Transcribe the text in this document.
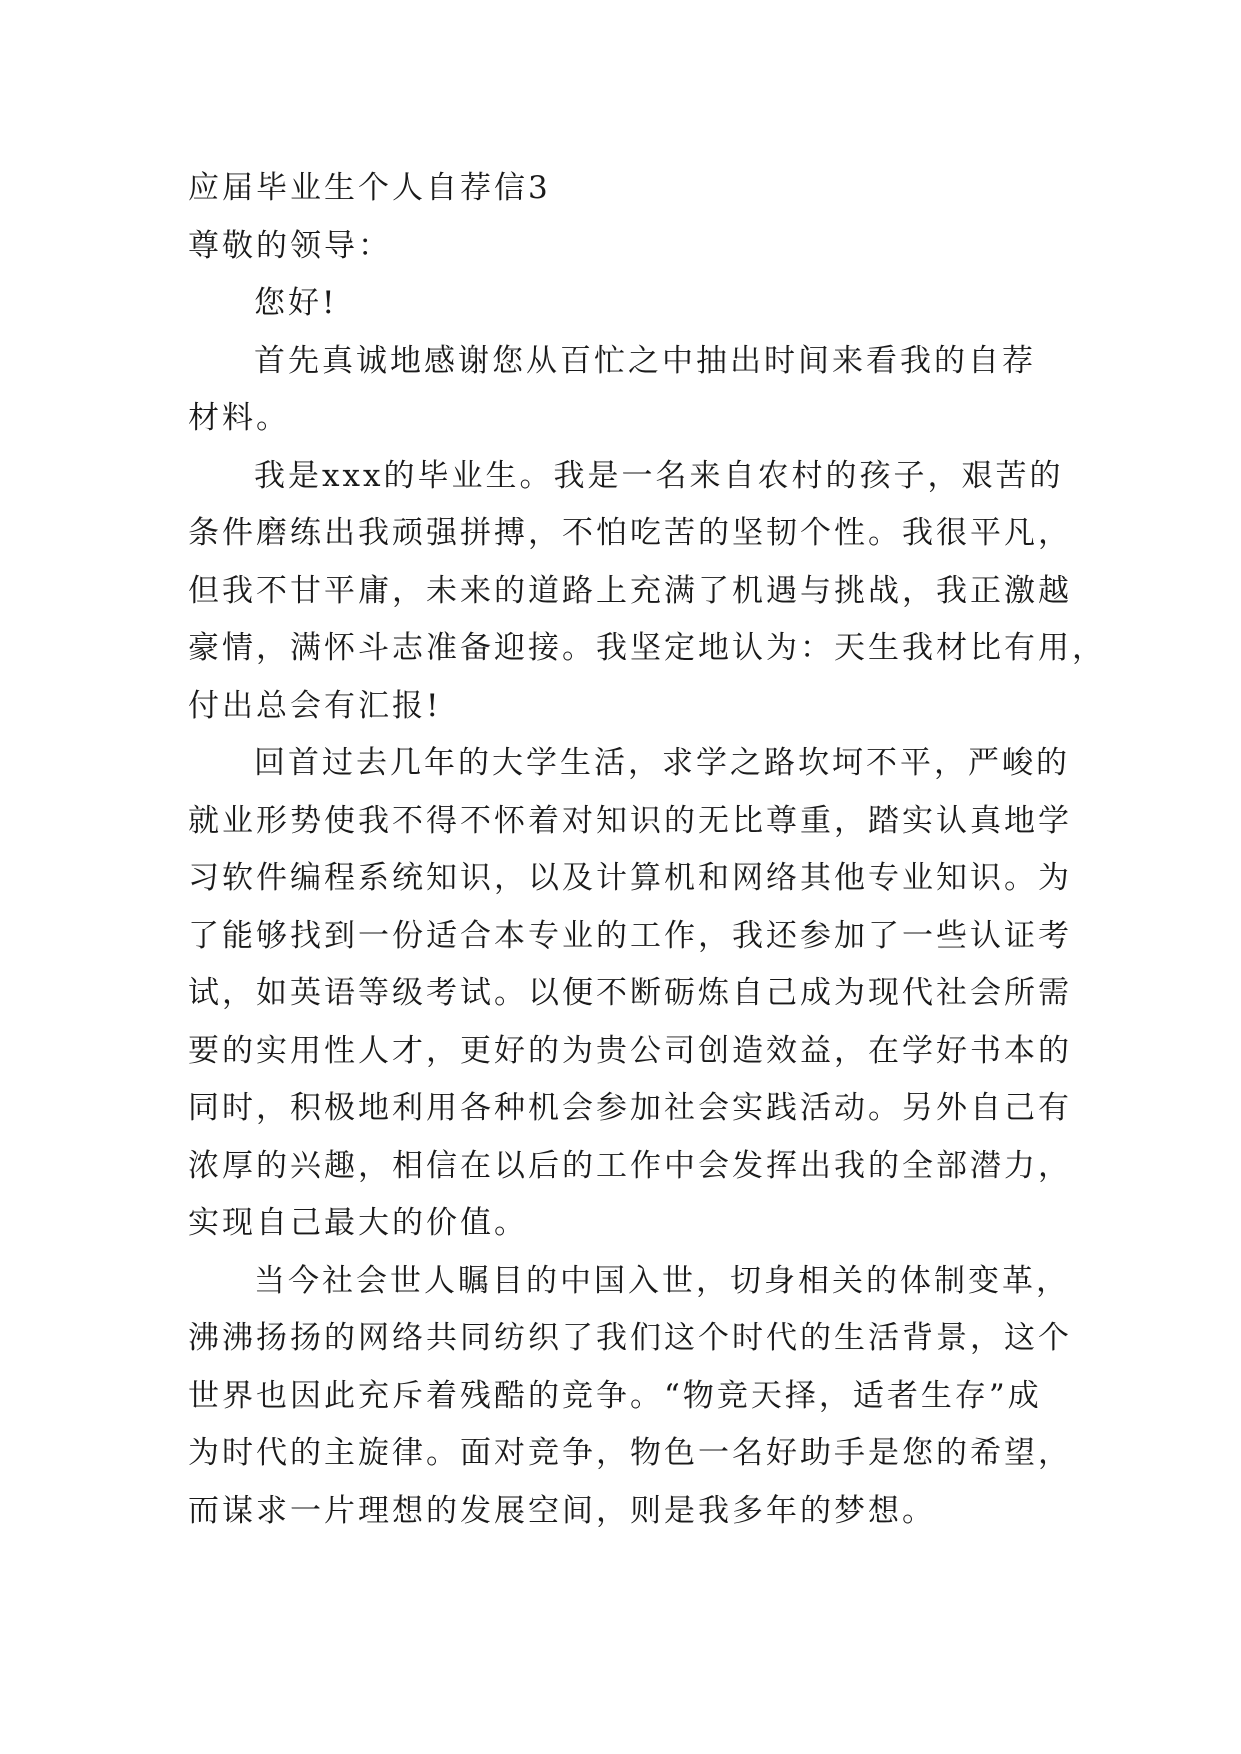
应届毕业生个人自荐信3
尊敬的领导：
您好!
首先真诚地感谢您从百忙之中抽出时间来看我的自荐
材料。
我是xxx的毕业生。我是一名来自农村的孩子，艰苦的
条件磨练出我顽强拼搏，不怕吃苦的坚韧个性。我很平凡，
但我不甘平庸，未来的道路上充满了机遇与挑战，我正激越
豪情，满怀斗志准备迎接。我坚定地认为：天生我材比有用，
付出总会有汇报!
回首过去几年的大学生活，求学之路坎坷不平，严峻的
就业形势使我不得不怀着对知识的无比尊重，踏实认真地学
习软件编程系统知识，以及计算机和网络其他专业知识。为
了能够找到一份适合本专业的工作，我还参加了一些认证考
试，如英语等级考试。以便不断砺炼自己成为现代社会所需
要的实用性人才，更好的为贵公司创造效益，在学好书本的
同时，积极地利用各种机会参加社会实践活动。另外自己有
浓厚的兴趣，相信在以后的工作中会发挥出我的全部潜力，
实现自己最大的价值。
当今社会世人瞩目的中国入世，切身相关的体制变革，
沸沸扬扬的网络共同纺织了我们这个时代的生活背景，这个
世界也因此充斥着残酷的竞争。“物竞天择，适者生存”成
为时代的主旋律。面对竞争，物色一名好助手是您的希望，
而谋求一片理想的发展空间，则是我多年的梦想。
